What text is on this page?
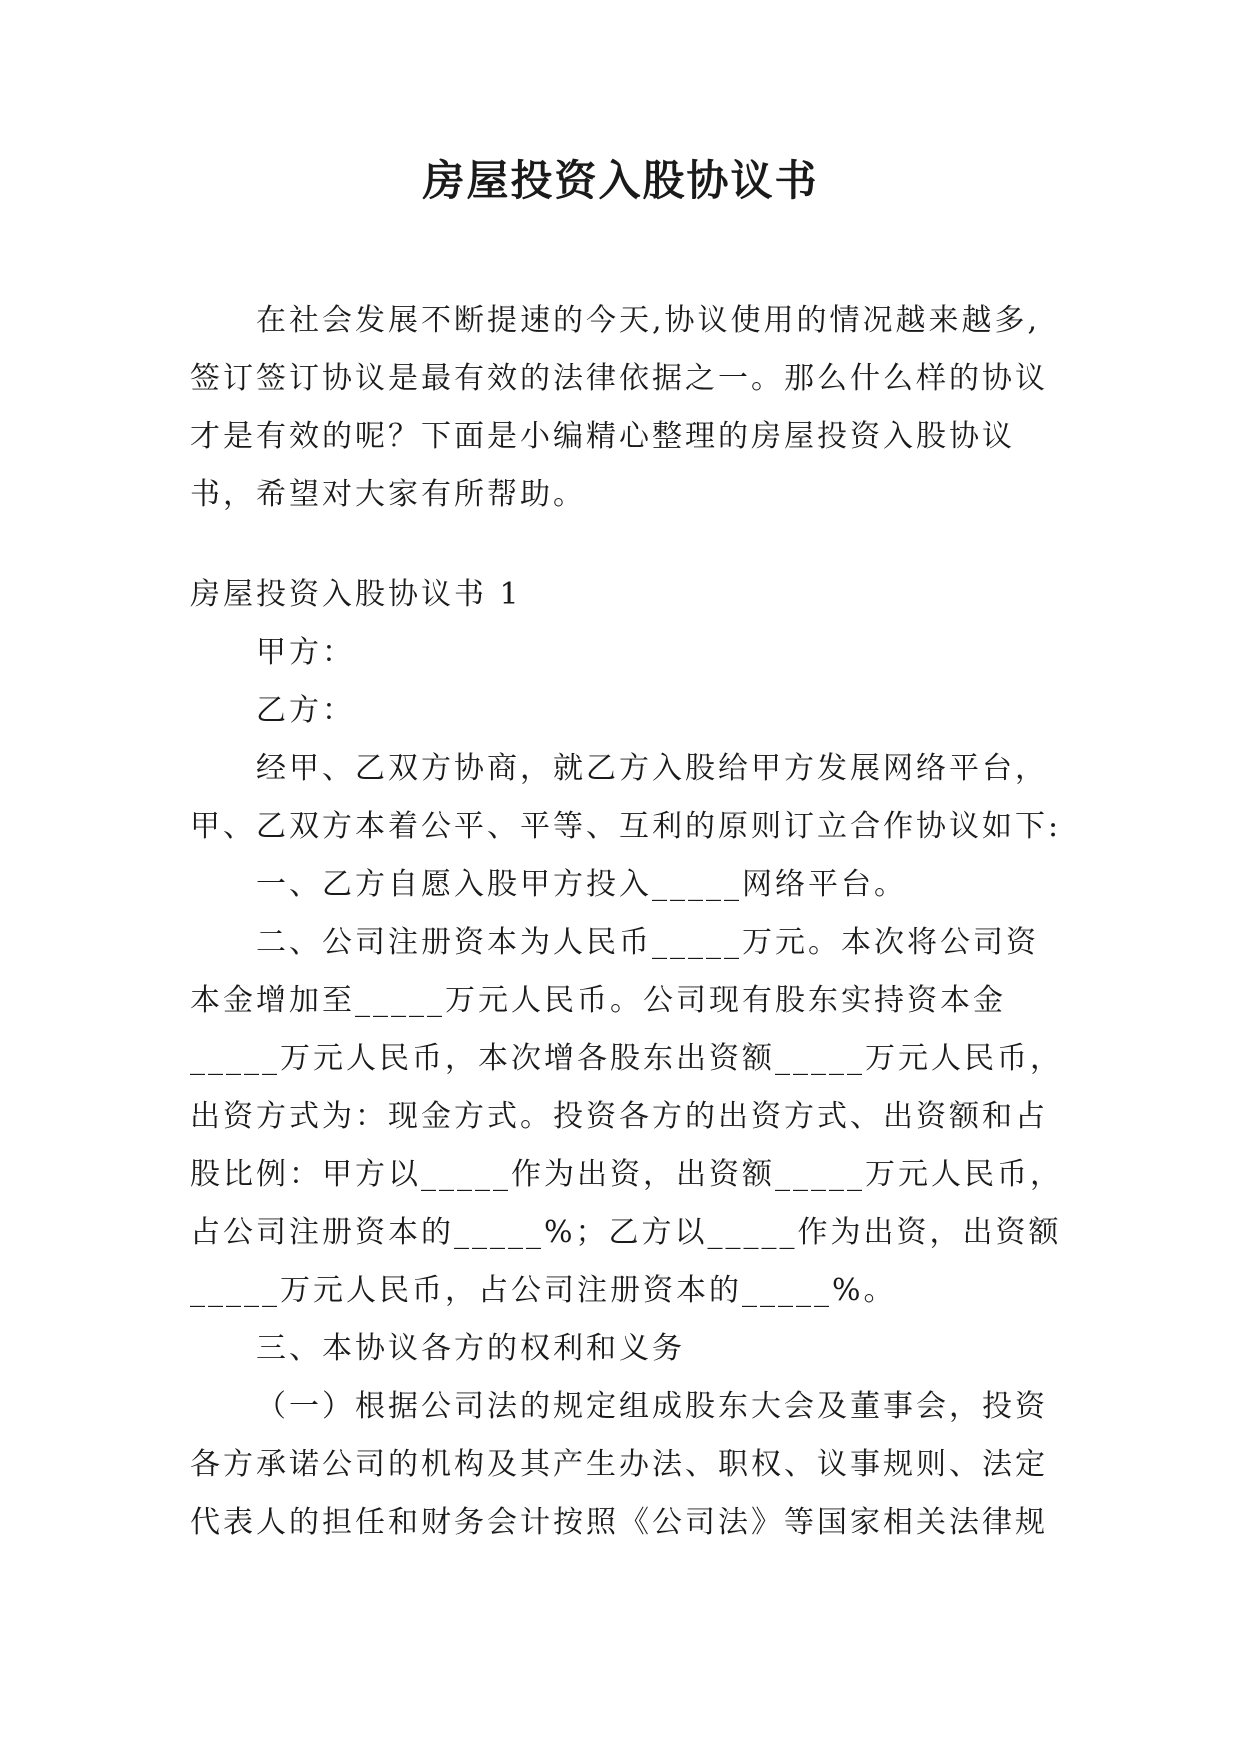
房屋投资入股协议书
在社会发展不断提速的今天,协议使用的情况越来越多,
签订签订协议是最有效的法律依据之一。那么什么样的协议
才是有效的呢？下面是小编精心整理的房屋投资入股协议
书，希望对大家有所帮助。
房屋投资入股协议书 1
甲方：
乙方：
经甲、乙双方协商，就乙方入股给甲方发展网络平台，
甲、乙双方本着公平、平等、互利的原则订立合作协议如下:
一、乙方自愿入股甲方投入_____网络平台。
二、公司注册资本为人民币_____万元。本次将公司资
本金增加至_____万元人民币。公司现有股东实持资本金
_____万元人民币，本次增各股东出资额_____万元人民币，
出资方式为：现金方式。投资各方的出资方式、出资额和占
股比例：甲方以_____作为出资，出资额_____万元人民币，
占公司注册资本的_____%；乙方以_____作为出资，出资额
_____万元人民币，占公司注册资本的_____%。
三、本协议各方的权利和义务
（一）根据公司法的规定组成股东大会及董事会，投资
各方承诺公司的机构及其产生办法、职权、议事规则、法定
代表人的担任和财务会计按照《公司法》等国家相关法律规
